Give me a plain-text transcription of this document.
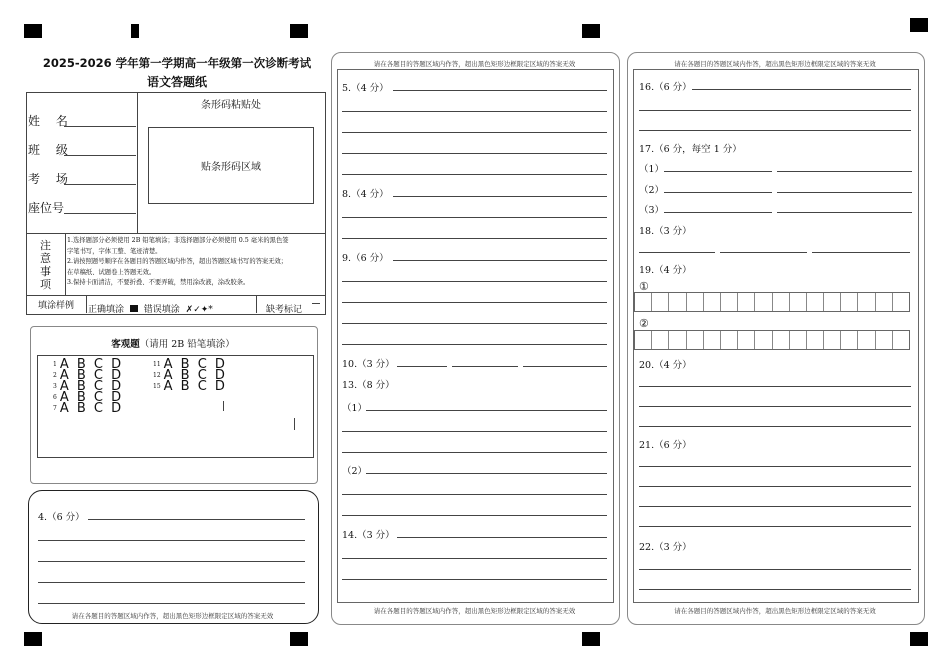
2025-2026 学年第一学期高一年级第一次诊断考试
语文答题纸
姓 名
班 级
考 场
座位号
条形码粘贴处
贴条形码区域
注
意
事
项
1.选择题部分必须使用 2B 铅笔填涂；非选择题部分必须使用 0.5 毫米的黑色签
字笔书写，字体工整、笔迹清楚。
2.请按照题号顺序在各题目的答题区域内作答，超出答题区域书写的答案无效；
在草稿纸、试题卷上答题无效。
3.保持卡面清洁，不要折叠、不要弄破，禁用涂改液，涂改胶条。
填涂样例	正确填涂 错误填涂 ✗✓✦*	缺考标记
客观题（请用 2B 铅笔填涂）
1 A B C D
2 A B C D
3 A B C D
6 A B C D
7 A B C D
11 A B C D
12 A B C D
15 A B C D
4.（6 分）
请在各题目的答题区域内作答，超出黑色矩形边框限定区域的答案无效
请在各题目的答题区域内作答，超出黑色矩形边框限定区域的答案无效
5.（4 分）
8.（4 分）
9.（6 分）
10.（3 分）
13.（8 分）
（1）
（2）
14.（3 分）
请在各题目的答题区域内作答，超出黑色矩形边框限定区域的答案无效
请在各题目的答题区域内作答，超出黑色矩形边框限定区域的答案无效
16.（6 分）
17.（6 分，每空 1 分）
（1）
（2）
（3）
18.（3 分）
19.（4 分）
①
②
20.（4 分）
21.（6 分）
22.（3 分）
请在各题目的答题区域内作答，超出黑色矩形边框限定区域的答案无效
